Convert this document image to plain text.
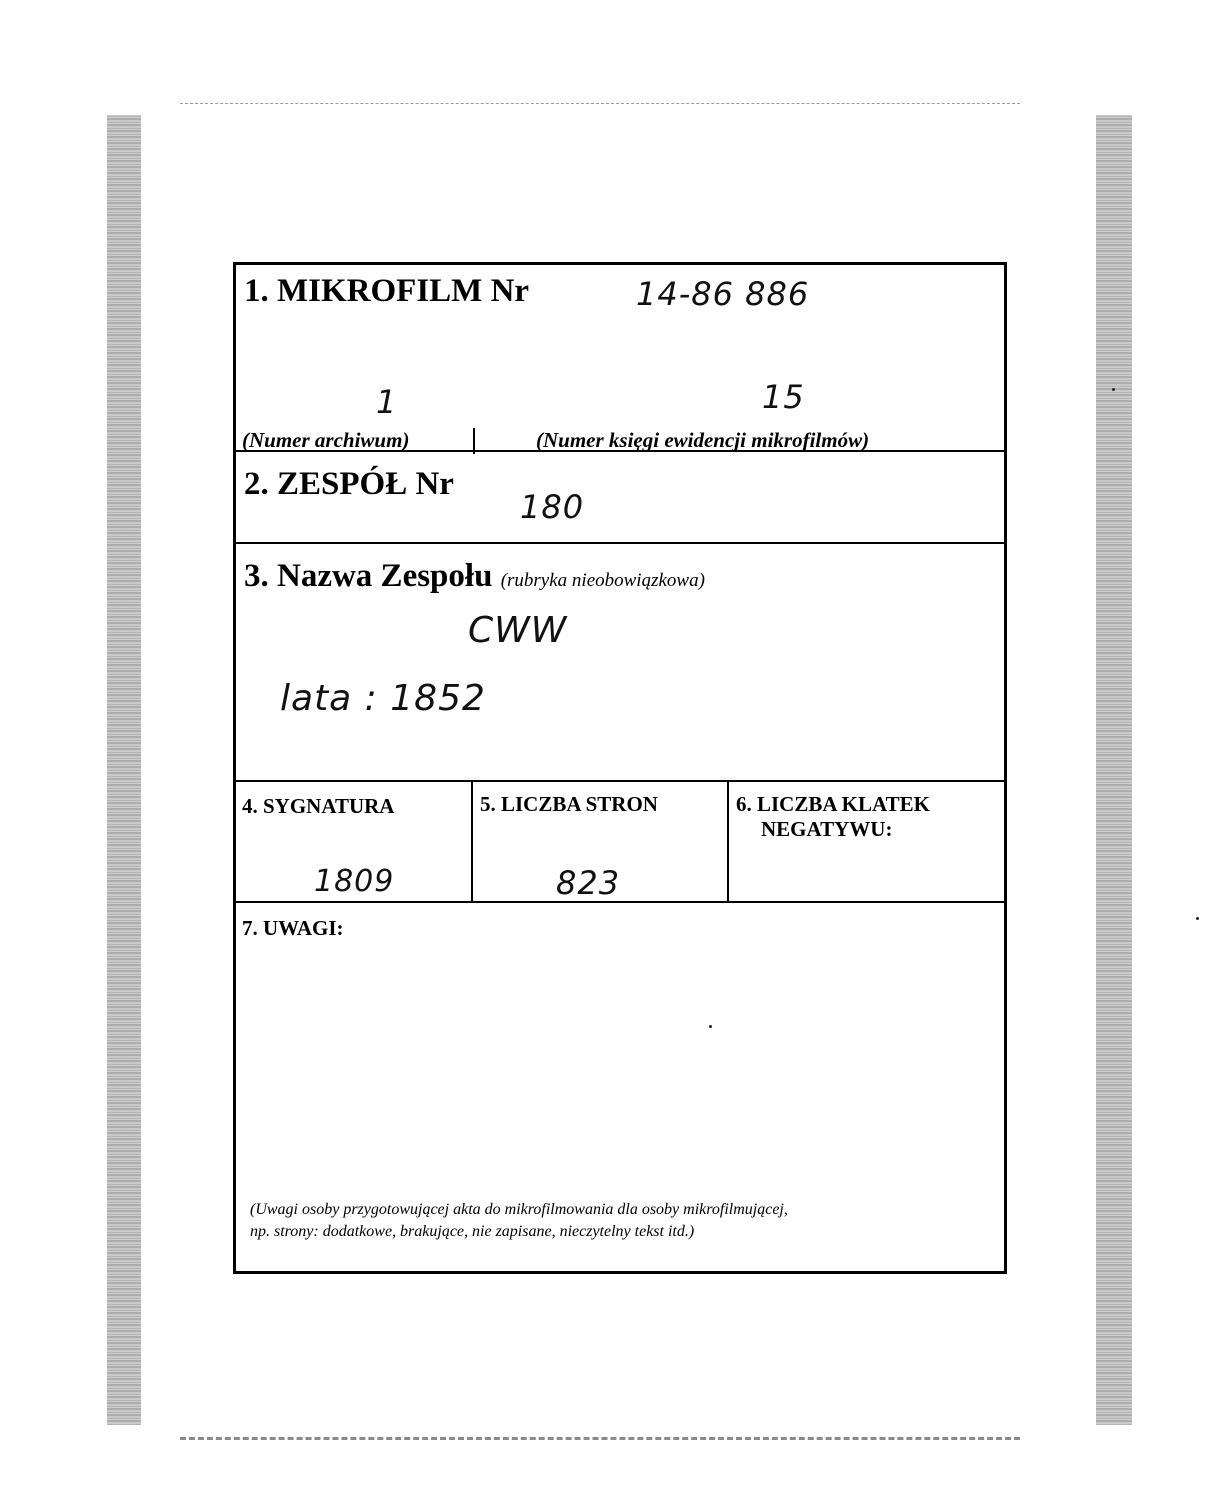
1. MIKROFILM Nr	14-86 886
1	15
(Numer archiwum)	(Numer księgi ewidencji mikrofilmów)
2. ZESPÓŁ Nr
180
3. Nazwa Zespołu (rubryka nieobowiązkowa)
CWW
lata : 1852
4. SYGNATURA
1809
5. LICZBA STRON
823
6. LICZBA KLATEK
NEGATYWU:
7. UWAGI:
(Uwagi osoby przygotowującej akta do mikrofilmowania dla osoby mikrofilmującej,
np. strony: dodatkowe, brakujące, nie zapisane, nieczytelny tekst itd.)
